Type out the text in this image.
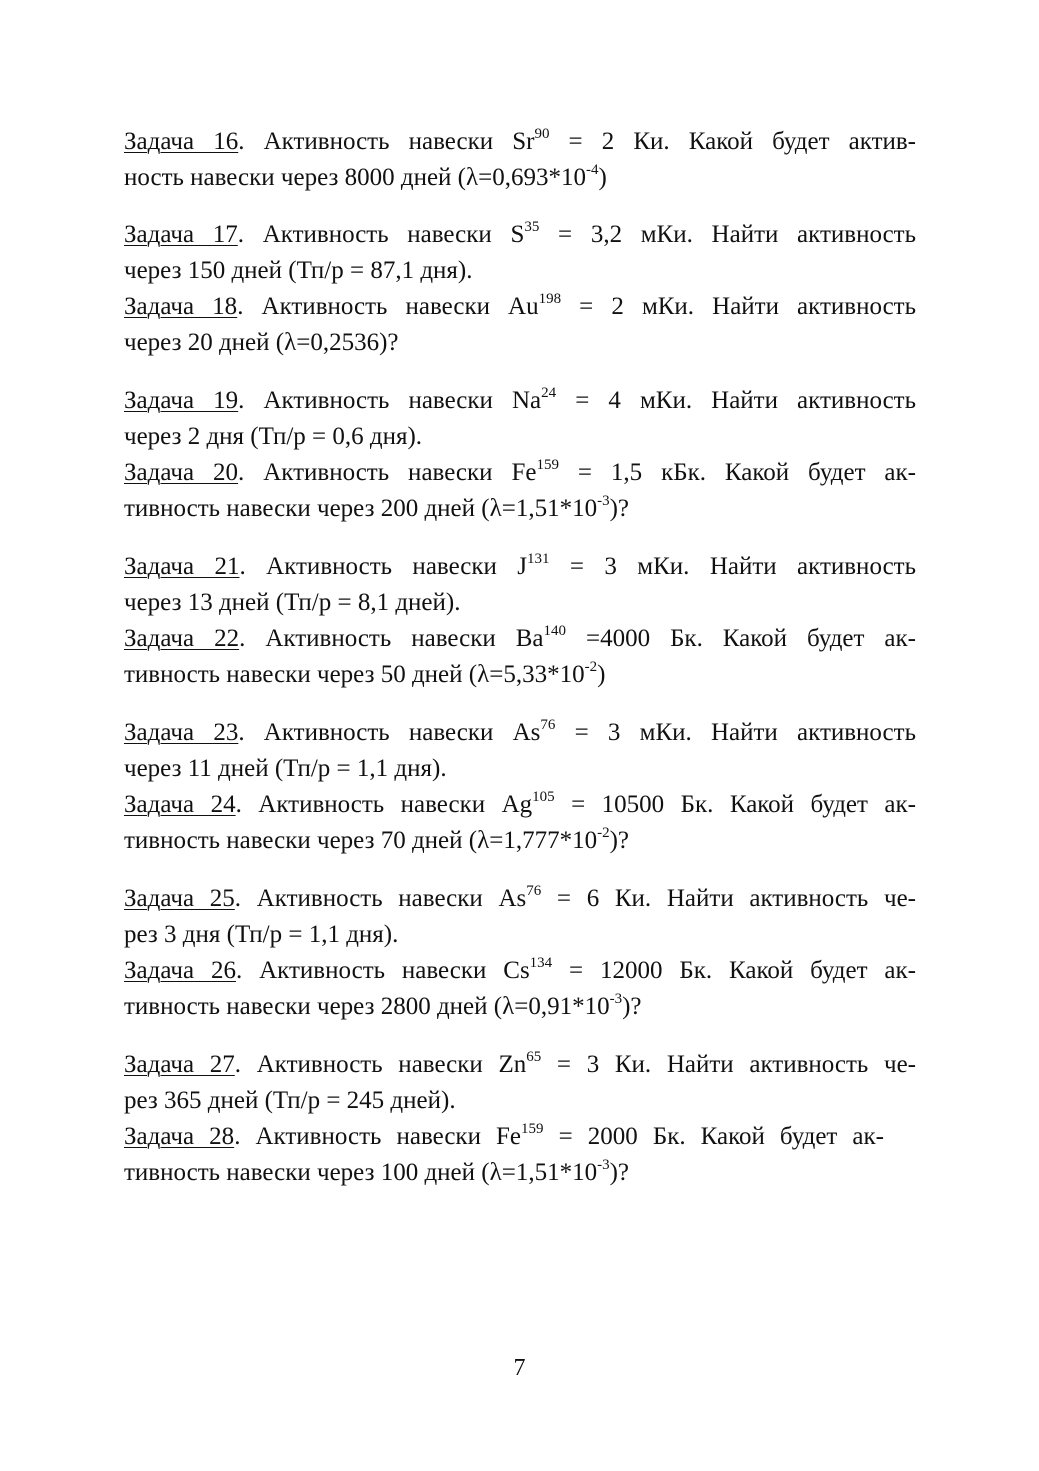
Задача 16. Активность навески $Sr^{90} = 2$ Ки. Какой будет актив-
ность навески через 8000 дней $(\lambda=0,693*10^{-4})$
Задача 17. Активность навески $S^{35} = 3,2$ мКи. Найти активность
через 150 дней (Тп/р = 87,1 дня).
Задача 18. Активность навески $Au^{198} = 2$ мКи. Найти активность
через 20 дней (λ=0,2536)?
Задача 19. Активность навески $Na^{24} = 4$ мКи. Найти активность
через 2 дня (Тп/р = 0,6 дня).
Задача 20. Активность навески $Fe^{159} = 1,5$ кБк. Какой будет ак-
тивность навески через 200 дней $(\lambda=1,51*10^{-3})$?
Задача 21. Активность навески $J^{131} = 3$ мКи. Найти активность
через 13 дней (Тп/р = 8,1 дней).
Задача 22. Активность навески $Ba^{140} =4000$ Бк. Какой будет ак-
тивность навески через 50 дней $(\lambda=5,33*10^{-2})$
Задача 23. Активность навески $As^{76} = 3$ мКи. Найти активность
через 11 дней (Тп/р = 1,1 дня).
Задача 24. Активность навески $Ag^{105} = 10500$ Бк. Какой будет ак-
тивность навески через 70 дней $(\lambda=1,777*10^{-2})$?
Задача 25. Активность навески $As^{76} = 6$ Ки. Найти активность че-
рез 3 дня (Тп/р = 1,1 дня).
Задача 26. Активность навески $Cs^{134} = 12000$ Бк. Какой будет ак-
тивность навески через 2800 дней $(\lambda=0,91*10^{-3})$?
Задача 27. Активность навески $Zn^{65} = 3$ Ки. Найти активность че-
рез 365 дней (Тп/р = 245 дней).
Задача 28. Активность навески $Fe^{159} = 2000$ Бк. Какой будет ак-
тивность навески через 100 дней $(\lambda=1,51*10^{-3})$?
7
